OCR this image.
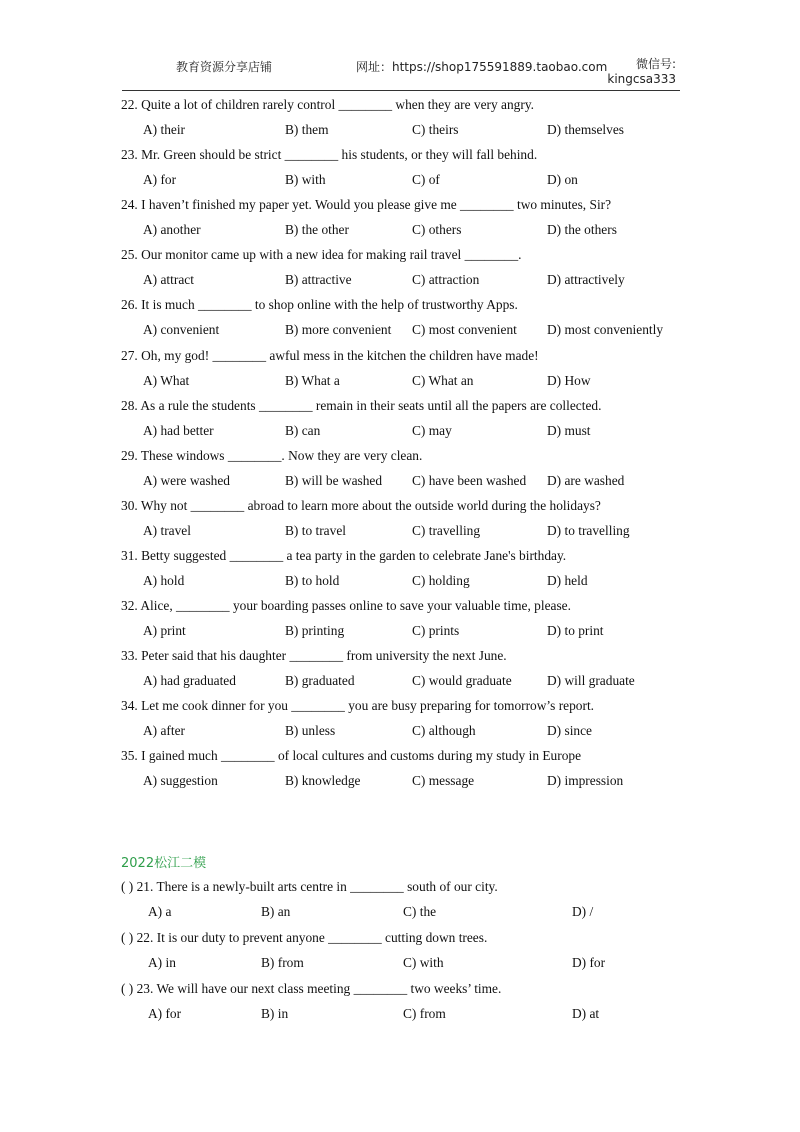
教育资源分享店铺	网址：https://shop175591889.taobao.com	微信号:
kingcsa333
22. Quite a lot of children rarely control ________ when they are very angry.
A) their	B) them	C) theirs	D) themselves
23. Mr. Green should be strict ________ his students, or they will fall behind.
A) for	B) with	C) of	D) on
24. I haven’t finished my paper yet. Would you please give me ________ two minutes, Sir?
A) another	B) the other	C) others	D) the others
25. Our monitor came up with a new idea for making rail travel ________.
A) attract	B) attractive	C) attraction	D) attractively
26. It is much ________ to shop online with the help of trustworthy Apps.
A) convenient	B) more convenient C) most convenient D) most conveniently
27. Oh, my god! ________ awful mess in the kitchen the children have made!
A) What	B) What a	C) What an	D) How
28. As a rule the students ________ remain in their seats until all the papers are collected.
A) had better	B) can	C) may	D) must
29. These windows ________. Now they are very clean.
A) were washed	B) will be washed C) have been washed D) are washed
30. Why not ________ abroad to learn more about the outside world during the holidays?
A) travel	B) to travel	C) travelling	D) to travelling
31. Betty suggested ________ a tea party in the garden to celebrate Jane's birthday.
A) hold	B) to hold	C) holding	D) held
32. Alice, ________ your boarding passes online to save your valuable time, please.
A) print	B) printing	C) prints	D) to print
33. Peter said that his daughter ________ from university the next June.
A) had graduated	B) graduated	C) would graduate	D) will graduate
34. Let me cook dinner for you ________ you are busy preparing for tomorrow’s report.
A) after	B) unless	C) although	D) since
35. I gained much ________ of local cultures and customs during my study in Europe
A) suggestion	B) knowledge	C) message	D) impression
2022松江二模
( ) 21. There is a newly-built arts centre in ________ south of our city.
A) a	B) an	C) the	D) /
( ) 22. It is our duty to prevent anyone ________ cutting down trees.
A) in	B) from	C) with	D) for
( ) 23. We will have our next class meeting ________ two weeks’ time.
A) for	B) in	C) from	D) at
